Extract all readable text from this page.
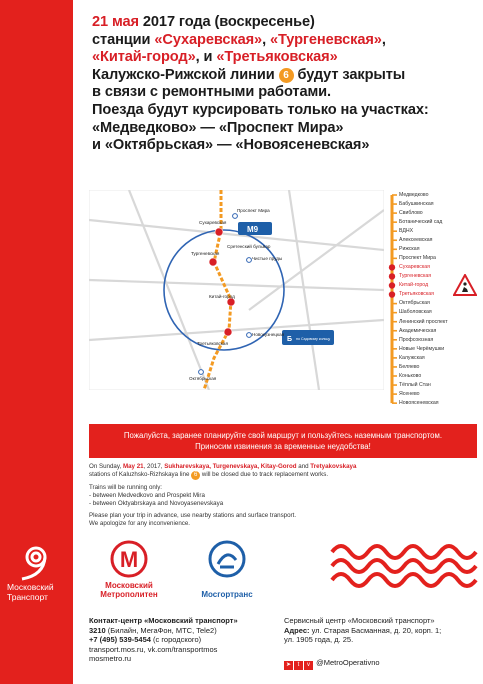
Московский
Транспорт
21 мая 2017 года (воскресенье)
станции «Сухаревская», «Тургеневская»,
«Китай-город», и «Третьяковская»
Калужско-Рижской линии 6 будут закрыты
в связи с ремонтными работами.
Поезда будут курсировать только на участках:
«Медведково» — «Проспект Мира»
и «Октябрьская» — «Новоясеневская»
М9
Б по Садовому кольцу
Сухаревская
Проспект Мира
Тургеневская
Сретенский бульвар
Чистые пруды
Китай-город
Третьяковская
Новокузнецкая
Октябрьская
Медведково
Бабушкинская
Свиблово
Ботанический сад
ВДНХ
Алексеевская
Рижская
Проспект Мира
Сухаревская
Тургеневская
Китай-город
Третьяковская
Октябрьская
Шаболовская
Ленинский проспект
Академическая
Профсоюзная
Новые Черёмушки
Калужская
Беляево
Коньково
Тёплый Стан
Ясенево
Новоясеневская
Пожалуйста, заранее планируйте свой маршрут и пользуйтесь наземным транспортом.
Приносим извинения за временные неудобства!

On Sunday, May 21, 2017, Sukharevskaya, Turgenevskaya, Kitay-Gorod and Tretyakovskaya
stations of Kaluzhsko-Rizhskaya line 6 will be closed due to track replacement works.

Trains will be running only:
- between Medvedkovo and Prospekt Mira
- between Oktyabrskaya and Novoyasenevskaya

Please plan your trip in advance, use nearby stations and surface transport.
We apologize for any inconvenience.

М
Московский
Метрополитен	Мосгортранс
Контакт-центр «Московский транспорт»
3210 (Билайн, МегаФон, МТС, Tele2)
+7 (495) 539-5454 (с городского)
transport.mos.ru, vk.com/transportmos
mosmetro.ru
Сервисный центр «Московский транспорт»
Адрес: ул. Старая Басманная, д. 20, корп. 1;
ул. 1905 года, д. 25.
➤ t v @MetroOperativno
